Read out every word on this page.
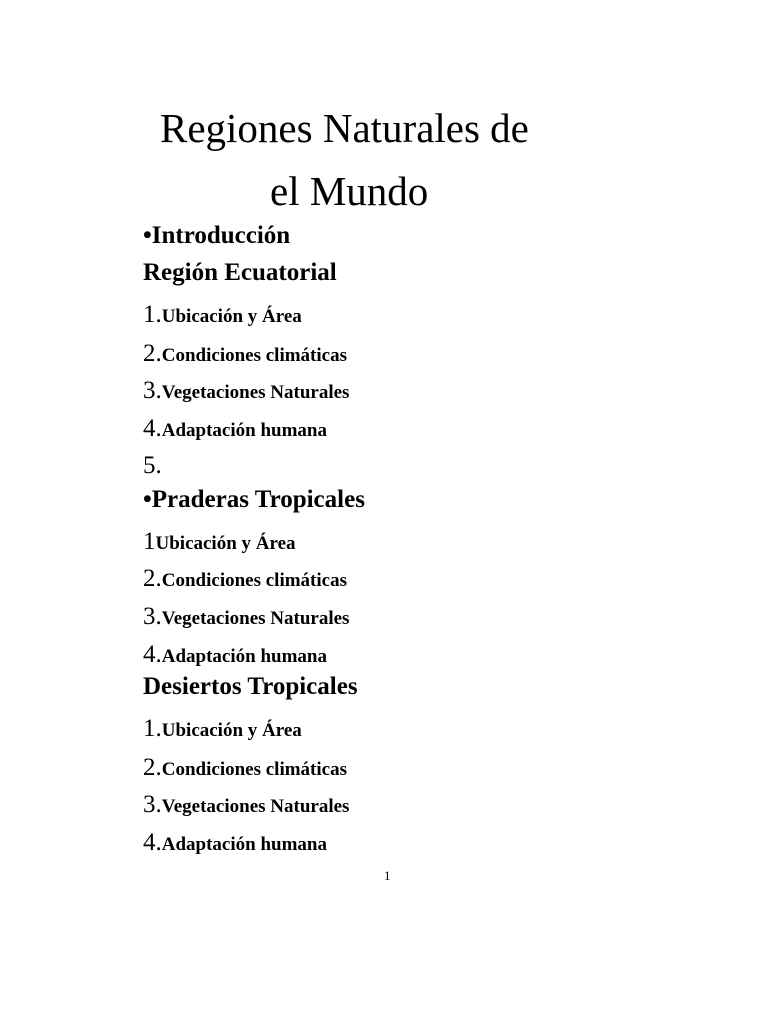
Regiones Naturales de
el Mundo
•Introducción
Región Ecuatorial
1.Ubicación y Área
2.Condiciones climáticas
3.Vegetaciones Naturales
4.Adaptación humana
5.
•Praderas Tropicales
1Ubicación y Área
2.Condiciones climáticas
3.Vegetaciones Naturales
4.Adaptación humana
Desiertos Tropicales
1.Ubicación y Área
2.Condiciones climáticas
3.Vegetaciones Naturales
4.Adaptación humana
1
